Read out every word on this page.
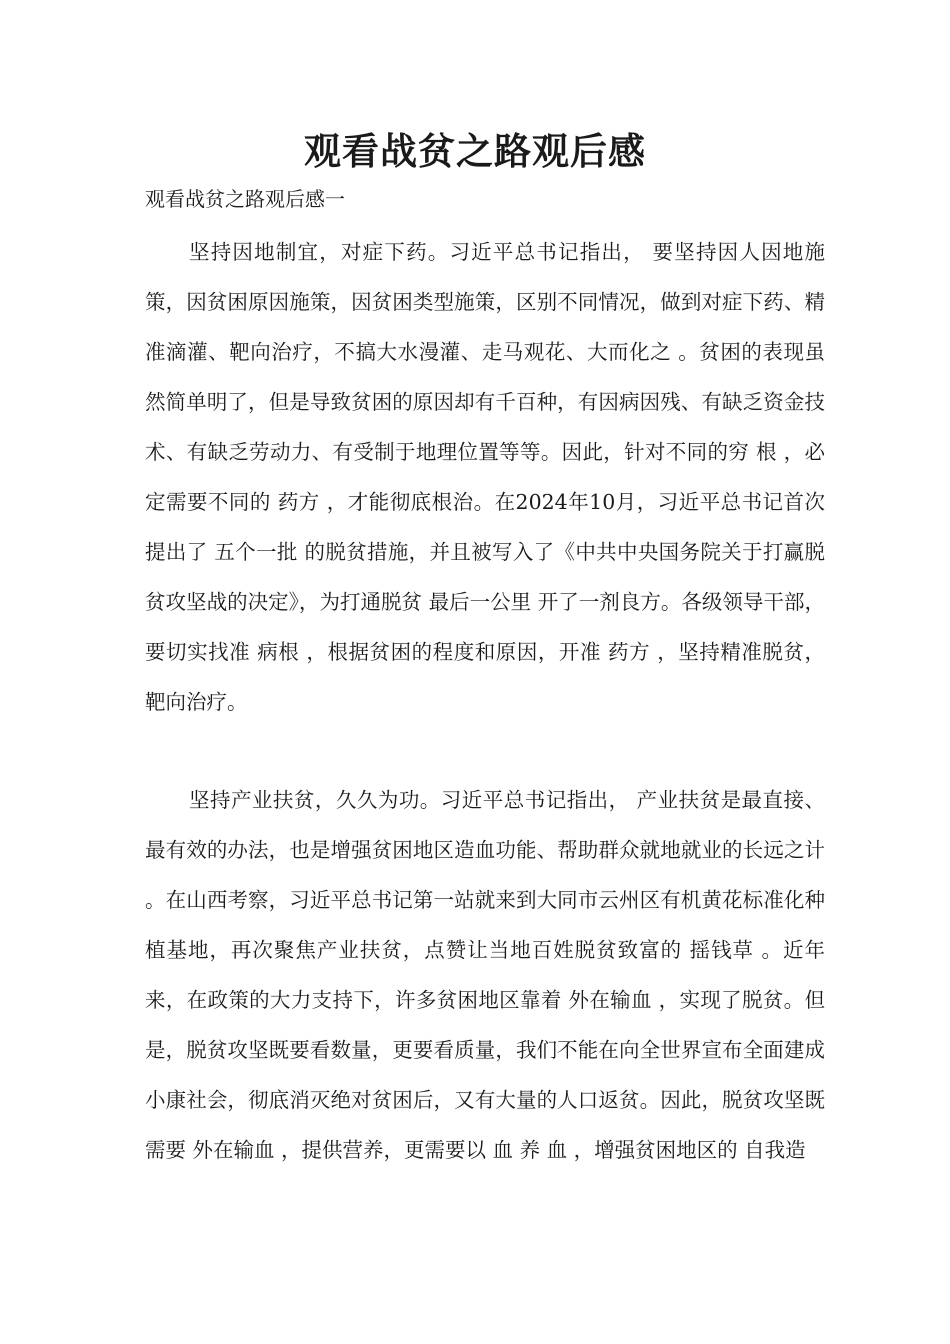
观看战贫之路观后感

观看战贫之路观后感一

坚持因地制宜，对症下药。习近平总书记指出， 要坚持因人因地施策，因贫困原因施策，因贫困类型施策，区别不同情况，做到对症下药、精准滴灌、靶向治疗，不搞大水漫灌、走马观花、大而化之 。贫困的表现虽然简单明了，但是导致贫困的原因却有千百种，有因病因残、有缺乏资金技术、有缺乏劳动力、有受制于地理位置等等。因此，针对不同的穷 根 ，必定需要不同的 药方 ，才能彻底根治。在2024年10月，习近平总书记首次提出了 五个一批 的脱贫措施，并且被写入了《中共中央国务院关于打赢脱贫攻坚战的决定》，为打通脱贫 最后一公里 开了一剂良方。各级领导干部，要切实找准 病根 ，根据贫困的程度和原因，开准 药方 ，坚持精准脱贫，靶向治疗。

坚持产业扶贫，久久为功。习近平总书记指出， 产业扶贫是最直接、最有效的办法，也是增强贫困地区造血功能、帮助群众就地就业的长远之计 。在山西考察，习近平总书记第一站就来到大同市云州区有机黄花标准化种植基地，再次聚焦产业扶贫，点赞让当地百姓脱贫致富的 摇钱草 。近年来，在政策的大力支持下，许多贫困地区靠着 外在输血 ，实现了脱贫。但是，脱贫攻坚既要看数量，更要看质量，我们不能在向全世界宣布全面建成小康社会，彻底消灭绝对贫困后，又有大量的人口返贫。因此，脱贫攻坚既需要 外在输血 ，提供营养，更需要以 血 养 血 ，增强贫困地区的 自我造
